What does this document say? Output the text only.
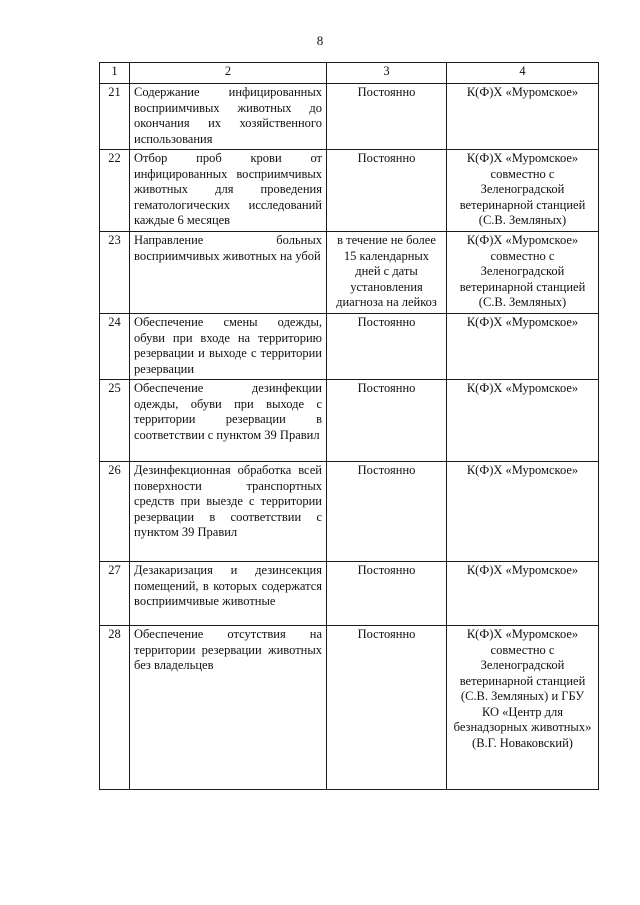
8
1	2	3	4
21	Содержание инфицированных восприимчивых животных до окончания их хозяйственного использования	Постоянно	К(Ф)Х «Муромское»
22	Отбор проб крови от инфицированных восприимчивых животных для проведения гематологических исследований каждые 6 месяцев	Постоянно	К(Ф)Х «Муромское» совместно с Зеленоградской ветеринарной станцией (С.В. Земляных)
23	Направление больных восприимчивых животных на убой	в течение не более 15 календарных дней с даты установления диагноза на лейкоз	К(Ф)Х «Муромское» совместно с Зеленоградской ветеринарной станцией (С.В. Земляных)
24	Обеспечение смены одежды, обуви при входе на территорию резервации и выходе с территории резервации	Постоянно	К(Ф)Х «Муромское»
25	Обеспечение дезинфекции одежды, обуви при выходе с территории резервации в соответствии с пунктом 39 Правил	Постоянно	К(Ф)Х «Муромское»
26	Дезинфекционная обработка всей поверхности транспортных средств при выезде с территории резервации в соответствии с пунктом 39 Правил	Постоянно	К(Ф)Х «Муромское»
27	Дезакаризация и дезинсекция помещений, в которых содержатся восприимчивые животные	Постоянно	К(Ф)Х «Муромское»
28	Обеспечение отсутствия на территории резервации животных без владельцев	Постоянно	К(Ф)Х «Муромское» совместно с Зеленоградской ветеринарной станцией (С.В. Земляных) и ГБУ КО «Центр для безнадзорных животных» (В.Г. Новаковский)
